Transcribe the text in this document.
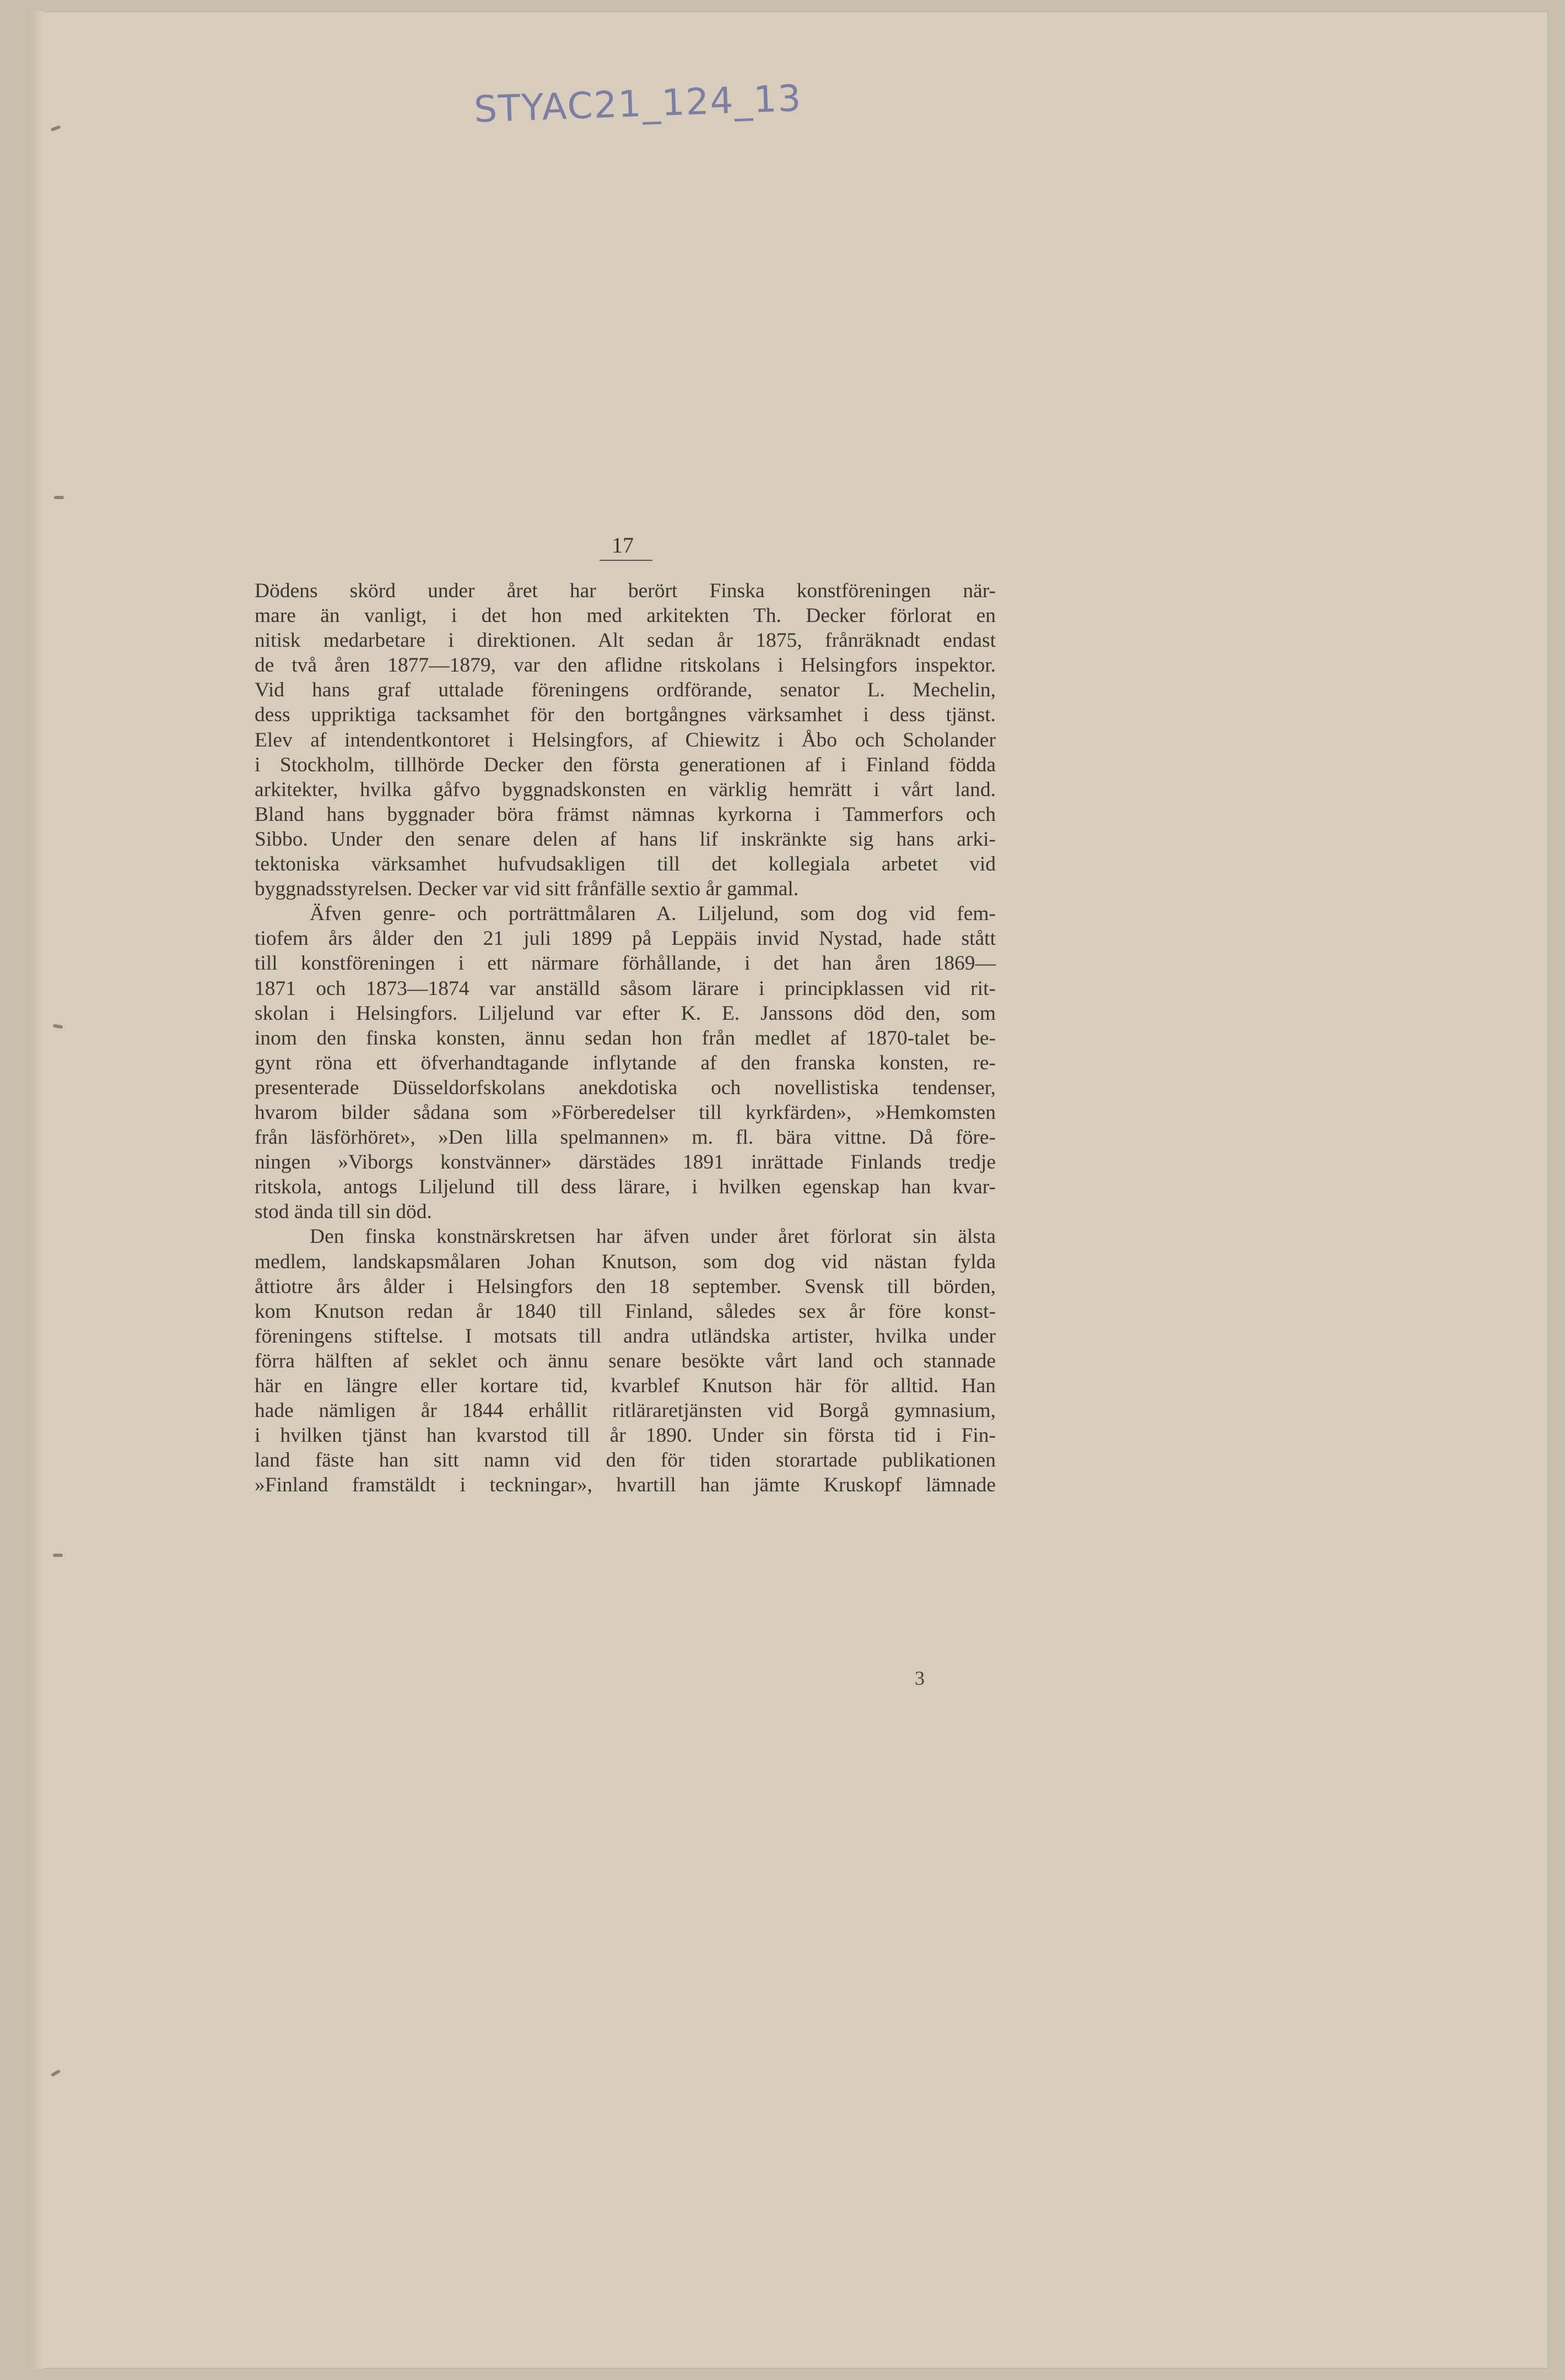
STYAC21_124_13
17
Dödens skörd under året har berört Finska konstföreningen när-
mare än vanligt, i det hon med arkitekten Th. Decker förlorat en
nitisk medarbetare i direktionen. Alt sedan år 1875, frånräknadt endast
de två åren 1877—1879, var den aflidne ritskolans i Helsingfors inspektor.
Vid hans graf uttalade föreningens ordförande, senator L. Mechelin,
dess uppriktiga tacksamhet för den bortgångnes värksamhet i dess tjänst.
Elev af intendentkontoret i Helsingfors, af Chiewitz i Åbo och Scholander
i Stockholm, tillhörde Decker den första generationen af i Finland födda
arkitekter, hvilka gåfvo byggnadskonsten en värklig hemrätt i vårt land.
Bland hans byggnader böra främst nämnas kyrkorna i Tammerfors och
Sibbo. Under den senare delen af hans lif inskränkte sig hans arki-
tektoniska värksamhet hufvudsakligen till det kollegiala arbetet vid
byggnadsstyrelsen. Decker var vid sitt frånfälle sextio år gammal.
Äfven genre- och porträttmålaren A. Liljelund, som dog vid fem-
tiofem års ålder den 21 juli 1899 på Leppäis invid Nystad, hade stått
till konstföreningen i ett närmare förhållande, i det han åren 1869—
1871 och 1873—1874 var anställd såsom lärare i principklassen vid rit-
skolan i Helsingfors. Liljelund var efter K. E. Janssons död den, som
inom den finska konsten, ännu sedan hon från medlet af 1870-talet be-
gynt röna ett öfverhandtagande inflytande af den franska konsten, re-
presenterade Düsseldorfskolans anekdotiska och novellistiska tendenser,
hvarom bilder sådana som »Förberedelser till kyrkfärden», »Hemkomsten
från läsförhöret», »Den lilla spelmannen» m. fl. bära vittne. Då före-
ningen »Viborgs konstvänner» därstädes 1891 inrättade Finlands tredje
ritskola, antogs Liljelund till dess lärare, i hvilken egenskap han kvar-
stod ända till sin död.
Den finska konstnärskretsen har äfven under året förlorat sin älsta
medlem, landskapsmålaren Johan Knutson, som dog vid nästan fylda
åttiotre års ålder i Helsingfors den 18 september. Svensk till börden,
kom Knutson redan år 1840 till Finland, således sex år före konst-
föreningens stiftelse. I motsats till andra utländska artister, hvilka under
förra hälften af seklet och ännu senare besökte vårt land och stannade
här en längre eller kortare tid, kvarblef Knutson här för alltid. Han
hade nämligen år 1844 erhållit ritläraretjänsten vid Borgå gymnasium,
i hvilken tjänst han kvarstod till år 1890. Under sin första tid i Fin-
land fäste han sitt namn vid den för tiden storartade publikationen
»Finland framstäldt i teckningar», hvartill han jämte Kruskopf lämnade
3
